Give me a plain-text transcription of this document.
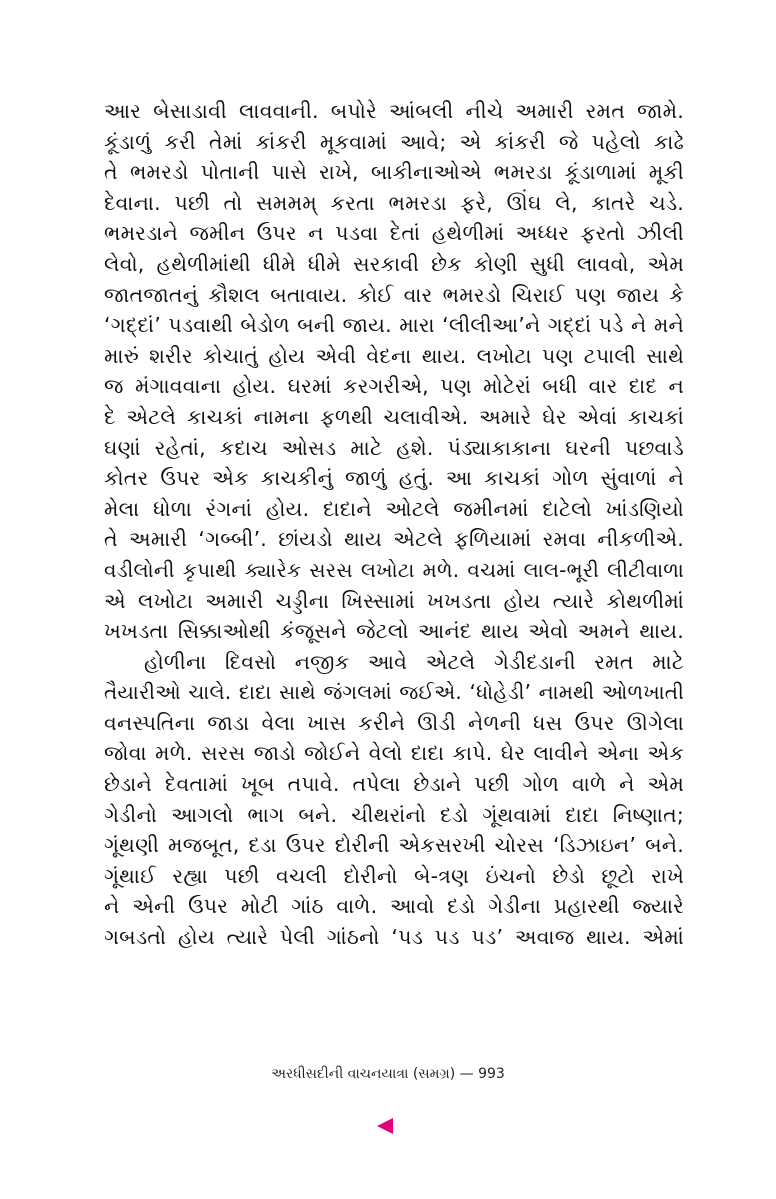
આર બેસાડાવી લાવવાની. બપોરે આંબલી નીચે અમારી રમત જામે.
કૂંડાળું કરી તેમાં કાંકરી મૂકવામાં આવે; એ કાંકરી જે પહેલો કાઢે
તે ભમરડો પોતાની પાસે રાખે, બાકીનાઓએ ભમરડા કૂંડાળામાં મૂકી
દેવાના. પછી તો સમમમ્ કરતા ભમરડા ફરે, ઊંઘ લે, કાતરે ચડે.
ભમરડાને જમીન ઉપર ન પડવા દેતાં હથેળીમાં અધ્ધર ફરતો ઝીલી
લેવો, હથેળીમાંથી ધીમે ધીમે સરકાવી છેક કોણી સુધી લાવવો, એમ
જાતજાતનું કૌશલ બતાવાય. કોઈ વાર ભમરડો ચિરાઈ પણ જાય કે
‘ગદ્દાં’ પડવાથી બેડોળ બની જાય. મારા ‘લીલીઆ’ને ગદ્દાં પડે ને મને
મારું શરીર કોચાતું હોય એવી વેદના થાય. લખોટા પણ ટપાલી સાથે
જ મંગાવવાના હોય. ઘરમાં કરગરીએ, પણ મોટેરાં બધી વાર દાદ ન
દે એટલે કાચકાં નામના ફળથી ચલાવીએ. અમારે ઘેર એવાં કાચકાં
ઘણાં રહેતાં, કદાચ ઓસડ માટે હશે. પંડ્યાકાકાના ઘરની પછવાડે
કોતર ઉપર એક કાચકીનું જાળું હતું. આ કાચકાં ગોળ સુંવાળાં ને
મેલા ધોળા રંગનાં હોય. દાદાને ઓટલે જમીનમાં દાટેલો ખાંડણિયો
તે અમારી ‘ગબ્બી’. છાંયડો થાય એટલે ફળિયામાં રમવા નીકળીએ.
વડીલોની કૃપાથી ક્યારેક સરસ લખોટા મળે. વચમાં લાલ-ભૂરી લીટીવાળા
એ લખોટા અમારી ચડ્ડીના ખિસ્સામાં ખખડતા હોય ત્યારે કોથળીમાં
ખખડતા સિક્કાઓથી કંજૂસને જેટલો આનંદ થાય એવો અમને થાય.
હોળીના દિવસો નજીક આવે એટલે ગેડીદડાની રમત માટે
તૈયારીઓ ચાલે. દાદા સાથે જંગલમાં જઈએ. ‘ધોહેડી’ નામથી ઓળખાતી
વનસ્પતિના જાડા વેલા ખાસ કરીને ઊડી નેળની ધસ ઉપર ઊગેલા
જોવા મળે. સરસ જાડો જોઈને વેલો દાદા કાપે. ઘેર લાવીને એના એક
છેડાને દેવતામાં ખૂબ તપાવે. તપેલા છેડાને પછી ગોળ વાળે ને એમ
ગેડીનો આગલો ભાગ બને. ચીથરાંનો દડો ગૂંથવામાં દાદા નિષ્ણાત;
ગૂંથણી મજબૂત, દડા ઉપર દોરીની એકસરખી ચોરસ ‘ડિઝાઇન’ બને.
ગૂંથાઈ રહ્યા પછી વચલી દોરીનો બે-ત્રણ ઇંચનો છેડો છૂટો રાખે
ને એની ઉપર મોટી ગાંઠ વાળે. આવો દડો ગેડીના પ્રહારથી જ્યારે
ગબડતો હોય ત્યારે પેલી ગાંઠનો ‘પડ પડ પડ’ અવાજ થાય. એમાં
અરધીસદીની વાચનયાત્રા (સમગ્ર) — 993
